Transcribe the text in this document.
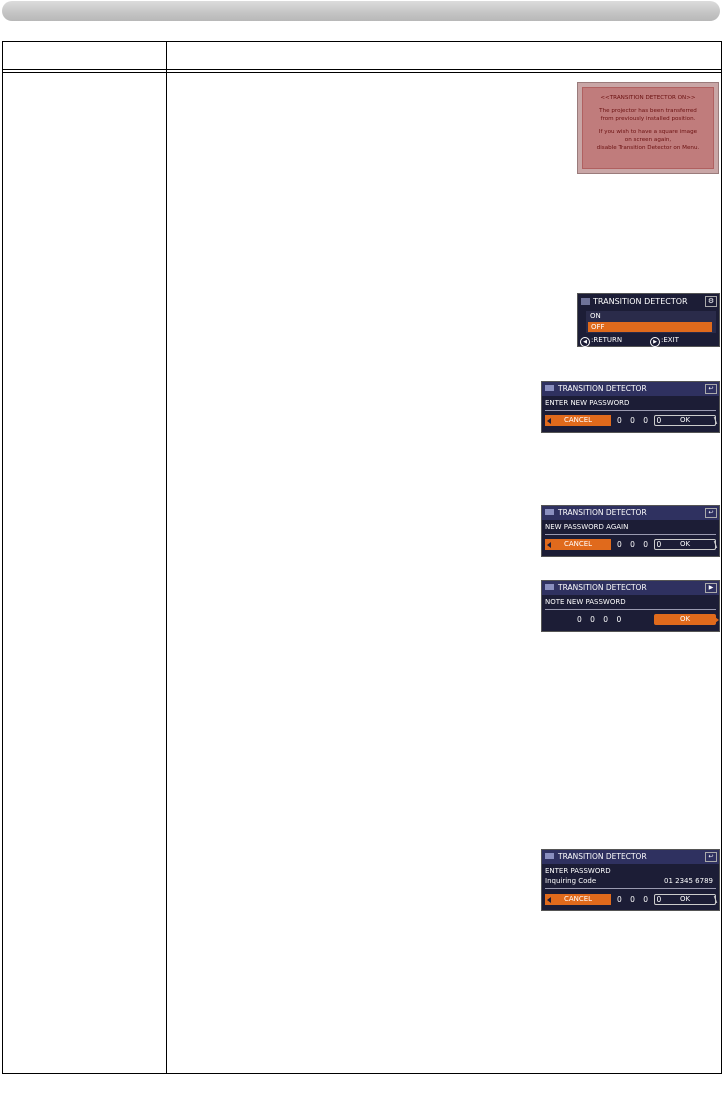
<<TRANSITION DETECTOR ON>>
The projector has been transferred
from previously installed position.
If you wish to have a square image
on screen again,
disable Transition Detector on Menu.
TRANSITION DETECTOR	⚙
ON
OFF
◀ :RETURN	▶ :EXIT
TRANSITION DETECTOR	↩
ENTER NEW PASSWORD
CANCEL	0 0 0 0	OK
TRANSITION DETECTOR	↩
NEW PASSWORD AGAIN
CANCEL	0 0 0 0	OK
TRANSITION DETECTOR	▶
NOTE NEW PASSWORD
0 0 0 0	OK
TRANSITION DETECTOR	↩
ENTER PASSWORD
Inquiring Code	01 2345 6789
CANCEL	0 0 0 0	OK
